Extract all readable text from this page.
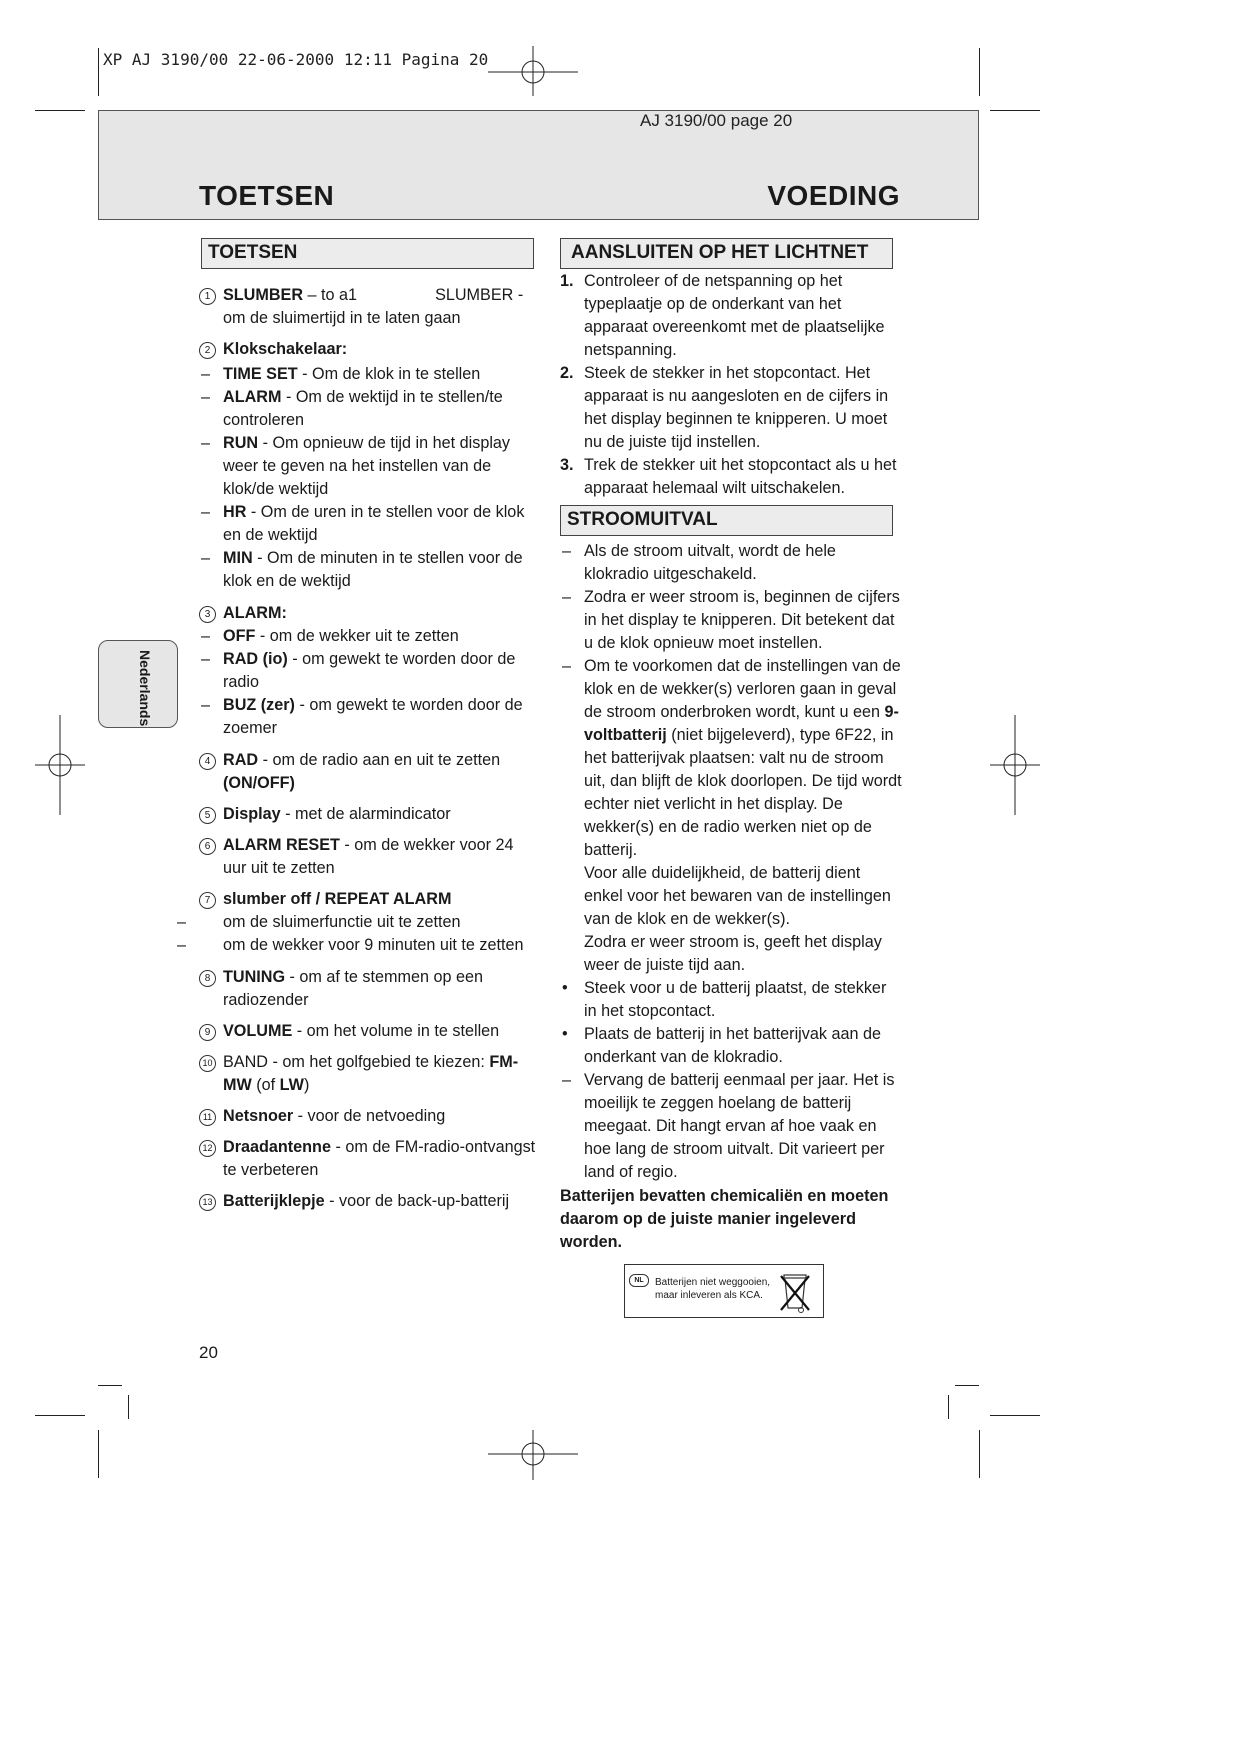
XP AJ 3190/00 22-06-2000 12:11 Pagina 20
AJ 3190/00 page 20
TOETSEN	VOEDING
Nederlands
TOETSEN
1 SLUMBER – to a1	SLUMBER -
om de sluimertijd in te laten gaan
2 Klokschakelaar:
– TIME SET - Om de klok in te stellen
– ALARM - Om de wektijd in te stellen/te controleren
– RUN - Om opnieuw de tijd in het display weer te geven na het instellen van de klok/de wektijd
– HR - Om de uren in te stellen voor de klok en de wektijd
– MIN - Om de minuten in te stellen voor de klok en de wektijd
3 ALARM:
– OFF - om de wekker uit te zetten
– RAD (io) - om gewekt te worden door de radio
– BUZ (zer) - om gewekt te worden door de zoemer
4 RAD - om de radio aan en uit te zetten (ON/OFF)
5 Display - met de alarmindicator
6 ALARM RESET - om de wekker voor 24 uur uit te zetten
7 slumber off / REPEAT ALARM
– om de sluimerfunctie uit te zetten
– om de wekker voor 9 minuten uit te zetten
8 TUNING - om af te stemmen op een radiozender
9 VOLUME - om het volume in te stellen
10 BAND - om het golfgebied te kiezen: FM-MW (of LW)
11 Netsnoer - voor de netvoeding
12 Draadantenne - om de FM-radio-ontvangst te verbeteren
13 Batterijklepje - voor de back-up-batterij
AANSLUITEN OP HET LICHTNET
1. Controleer of de netspanning op het typeplaatje op de onderkant van het apparaat overeenkomt met de plaatselijke netspanning.
2. Steek de stekker in het stopcontact. Het apparaat is nu aangesloten en de cijfers in het display beginnen te knipperen. U moet nu de juiste tijd instellen.
3. Trek de stekker uit het stopcontact als u het apparaat helemaal wilt uitschakelen.
STROOMUITVAL
– Als de stroom uitvalt, wordt de hele klokradio uitgeschakeld.
– Zodra er weer stroom is, beginnen de cijfers in het display te knipperen. Dit betekent dat u de klok opnieuw moet instellen.
– Om te voorkomen dat de instellingen van de klok en de wekker(s) verloren gaan in geval de stroom onderbroken wordt, kunt u een 9-voltbatterij (niet bijgeleverd), type 6F22, in het batterijvak plaatsen: valt nu de stroom uit, dan blijft de klok doorlopen. De tijd wordt echter niet verlicht in het display. De wekker(s) en de radio werken niet op de batterij.
Voor alle duidelijkheid, de batterij dient enkel voor het bewaren van de instellingen van de klok en de wekker(s).
Zodra er weer stroom is, geeft het display weer de juiste tijd aan.
• Steek voor u de batterij plaatst, de stekker in het stopcontact.
• Plaats de batterij in het batterijvak aan de onderkant van de klokradio.
– Vervang de batterij eenmaal per jaar. Het is moeilijk te zeggen hoelang de batterij meegaat. Dit hangt ervan af hoe vaak en hoe lang de stroom uitvalt. Dit varieert per land of regio.
Batterijen bevatten chemicaliën en moeten daarom op de juiste manier ingeleverd worden.
NL	Batterijen niet weggooien,
maar inleveren als KCA.
20
